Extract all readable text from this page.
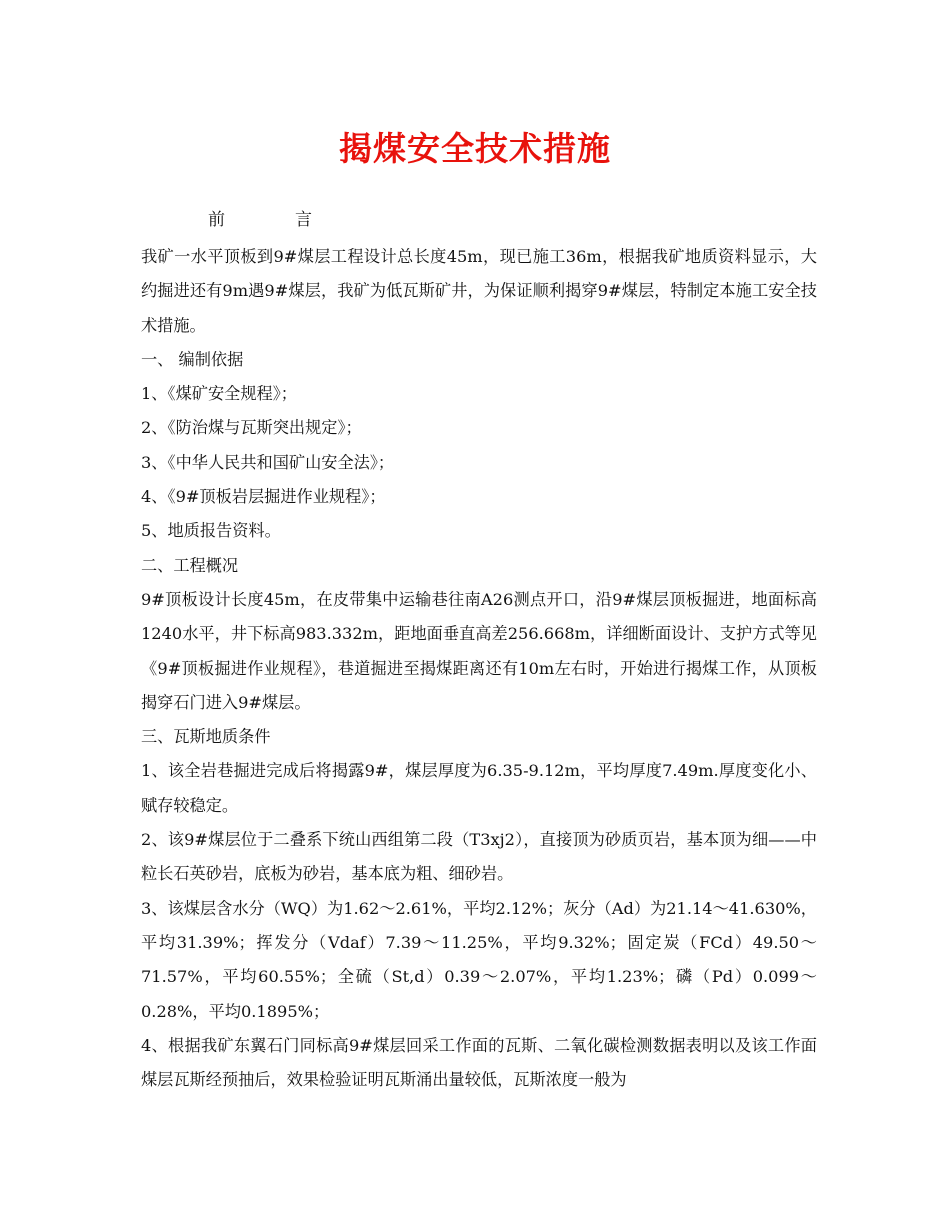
揭煤安全技术措施
前言

我矿一水平顶板到9#煤层工程设计总长度45m，现已施工36m，根据我矿地质资料显示，大约掘进还有9m遇9#煤层，我矿为低瓦斯矿井，为保证顺利揭穿9#煤层，特制定本施工安全技术措施。

一、 编制依据

1、《煤矿安全规程》；

2、《防治煤与瓦斯突出规定》；

3、《中华人民共和国矿山安全法》；

4、《9#顶板岩层掘进作业规程》；

5、地质报告资料。

二、工程概况

9#顶板设计长度45m，在皮带集中运输巷往南A26测点开口，沿9#煤层顶板掘进，地面标高1240水平，井下标高983.332m，距地面垂直高差256.668m，详细断面设计、支护方式等见《9#顶板掘进作业规程》，巷道掘进至揭煤距离还有10m左右时，开始进行揭煤工作，从顶板揭穿石门进入9#煤层。

三、瓦斯地质条件

1、该全岩巷掘进完成后将揭露9#，煤层厚度为6.35-9.12m，平均厚度7.49m.厚度变化小、赋存较稳定。

2、该9#煤层位于二叠系下统山西组第二段（T3xj2），直接顶为砂质页岩，基本顶为细——中粒长石英砂岩，底板为砂岩，基本底为粗、细砂岩。

3、该煤层含水分（WQ）为1.62～2.61%，平均2.12%；灰分（Ad）为21.14～41.630%，平均31.39%；挥发分（Vdaf）7.39～11.25%，平均9.32%；固定炭（FCd）49.50～71.57%，平均60.55%；全硫（St,d）0.39～2.07%，平均1.23%；磷（Pd）0.099～0.28%，平均0.1895%；

4、根据我矿东翼石门同标高9#煤层回采工作面的瓦斯、二氧化碳检测数据表明以及该工作面煤层瓦斯经预抽后，效果检验证明瓦斯涌出量较低，瓦斯浓度一般为
